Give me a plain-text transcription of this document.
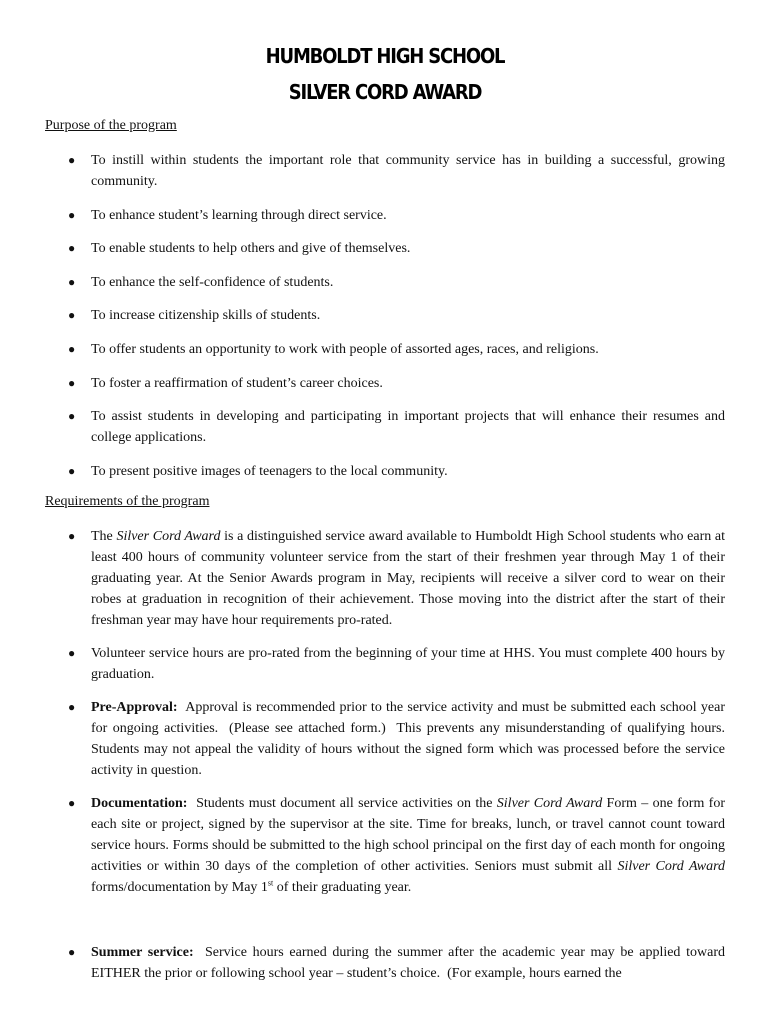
HUMBOLDT HIGH SCHOOL
SILVER CORD AWARD
Purpose of the program
● To instill within students the important role that community service has in building a successful, growing community.
● To enhance student’s learning through direct service.
● To enable students to help others and give of themselves.
● To enhance the self-confidence of students.
● To increase citizenship skills of students.
● To offer students an opportunity to work with people of assorted ages, races, and religions.
● To foster a reaffirmation of student’s career choices.
● To assist students in developing and participating in important projects that will enhance their resumes and college applications.
● To present positive images of teenagers to the local community.
Requirements of the program
● The Silver Cord Award is a distinguished service award available to Humboldt High School students who earn at least 400 hours of community volunteer service from the start of their freshmen year through May 1 of their graduating year. At the Senior Awards program in May, recipients will receive a silver cord to wear on their robes at graduation in recognition of their achievement. Those moving into the district after the start of their freshman year may have hour requirements pro-rated.
● Volunteer service hours are pro-rated from the beginning of your time at HHS. You must complete 400 hours by graduation.
● Pre-Approval:  Approval is recommended prior to the service activity and must be submitted each school year for ongoing activities.  (Please see attached form.)  This prevents any misunderstanding of qualifying hours.  Students may not appeal the validity of hours without the signed form which was processed before the service activity in question.
● Documentation:  Students must document all service activities on the Silver Cord Award Form – one form for each site or project, signed by the supervisor at the site. Time for breaks, lunch, or travel cannot count toward service hours. Forms should be submitted to the high school principal on the first day of each month for ongoing activities or within 30 days of the completion of other activities. Seniors must submit all Silver Cord Award forms/documentation by May 1st of their graduating year.
● Summer service:  Service hours earned during the summer after the academic year may be applied toward EITHER the prior or following school year – student’s choice.  (For example, hours earned the
